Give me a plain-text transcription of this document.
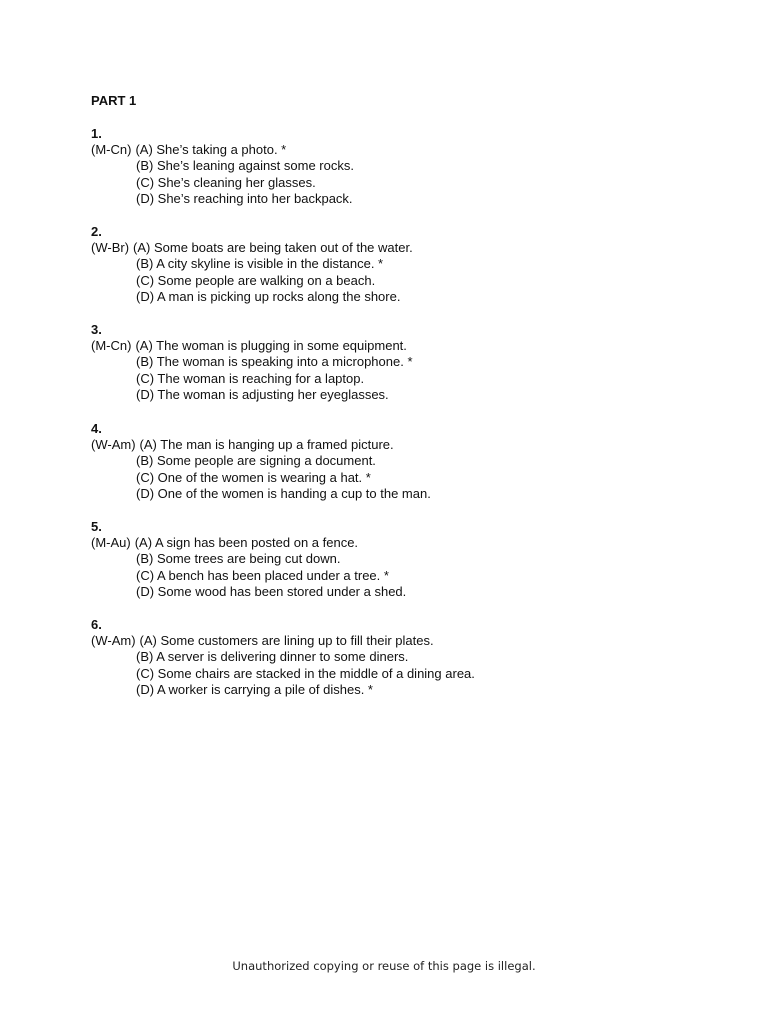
PART 1
1.
(M-Cn) (A) She’s taking a photo. *
(B) She’s leaning against some rocks.
(C) She’s cleaning her glasses.
(D) She’s reaching into her backpack.
2.
(W-Br) (A) Some boats are being taken out of the water.
(B) A city skyline is visible in the distance. *
(C) Some people are walking on a beach.
(D) A man is picking up rocks along the shore.
3.
(M-Cn) (A) The woman is plugging in some equipment.
(B) The woman is speaking into a microphone. *
(C) The woman is reaching for a laptop.
(D) The woman is adjusting her eyeglasses.
4.
(W-Am) (A) The man is hanging up a framed picture.
(B) Some people are signing a document.
(C) One of the women is wearing a hat. *
(D) One of the women is handing a cup to the man.
5.
(M-Au) (A) A sign has been posted on a fence.
(B) Some trees are being cut down.
(C) A bench has been placed under a tree. *
(D) Some wood has been stored under a shed.
6.
(W-Am) (A) Some customers are lining up to fill their plates.
(B) A server is delivering dinner to some diners.
(C) Some chairs are stacked in the middle of a dining area.
(D) A worker is carrying a pile of dishes. *
Unauthorized copying or reuse of this page is illegal.
